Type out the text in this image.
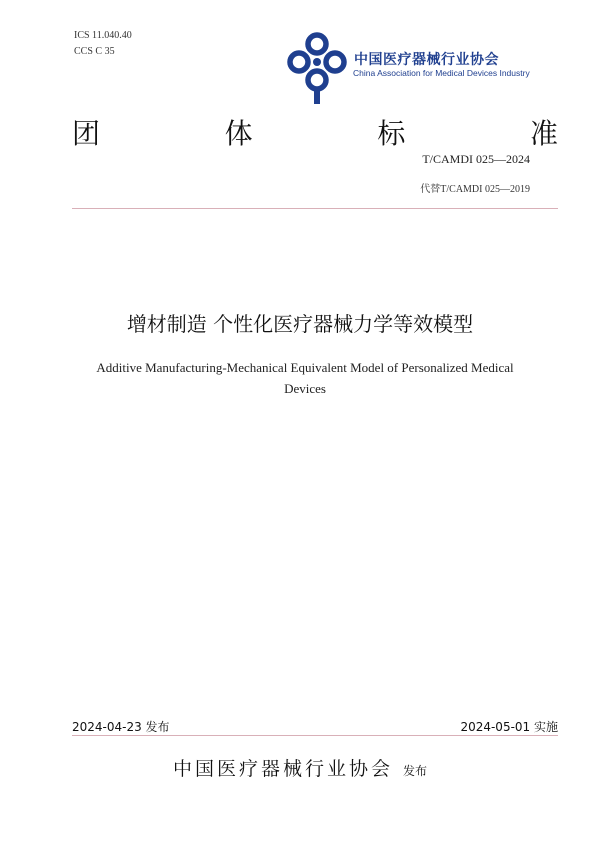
ICS 11.040.40
CCS C 35
中国医疗器械行业协会
China Association for Medical Devices Industry
团	体	标	准
T/CAMDI 025—2024
代替T/CAMDI 025—2019
增材制造 个性化医疗器械力学等效模型
Additive Manufacturing-Mechanical Equivalent Model of Personalized Medical Devices
2024-04-23 发布	2024-05-01 实施
中国医疗器械行业协会 发布
